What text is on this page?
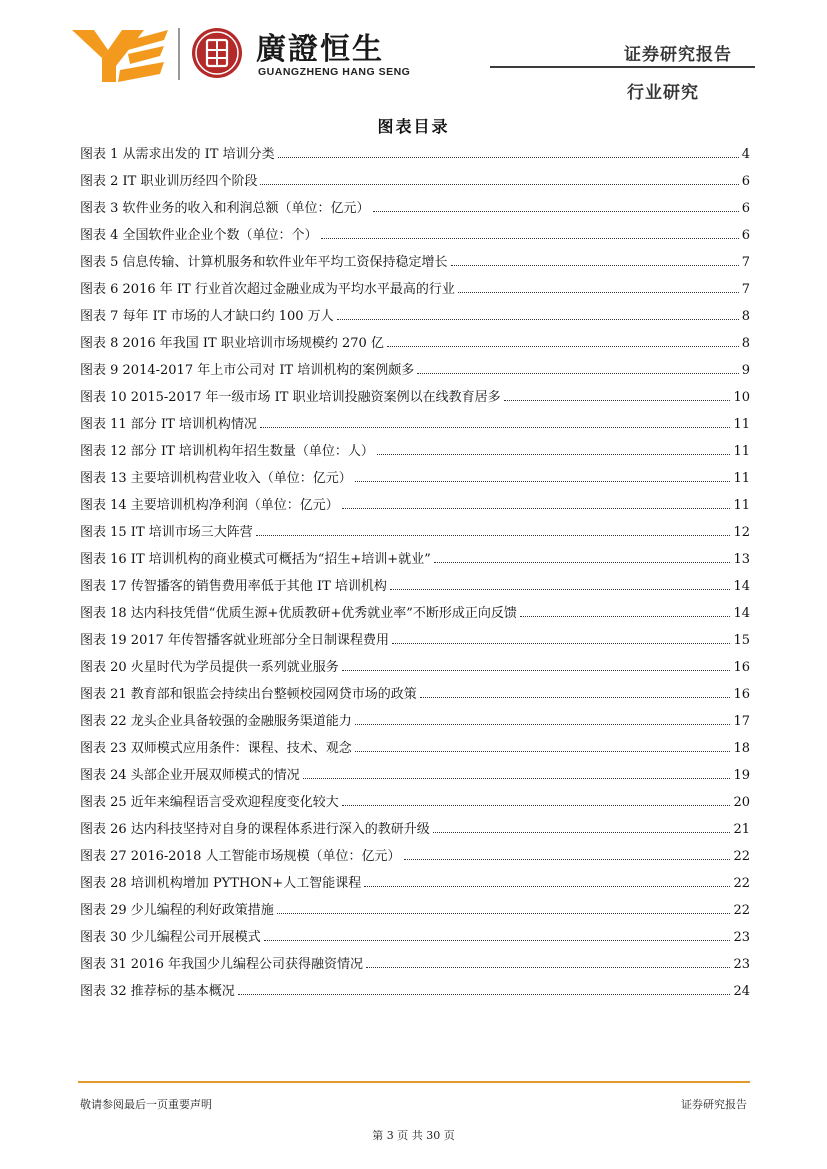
廣證恒生
GUANGZHENG HANG SENG
证券研究报告
行业研究
图表目录
图表 1 从需求出发的 IT 培训分类	4
图表 2 IT 职业训历经四个阶段	6
图表 3 软件业务的收入和利润总额（单位：亿元）	6
图表 4 全国软件业企业个数（单位：个）	6
图表 5 信息传输、计算机服务和软件业年平均工资保持稳定增长	7
图表 6 2016 年 IT 行业首次超过金融业成为平均水平最高的行业	7
图表 7 每年 IT 市场的人才缺口约 100 万人	8
图表 8 2016 年我国 IT 职业培训市场规模约 270 亿	8
图表 9 2014-2017 年上市公司对 IT 培训机构的案例颇多	9
图表 10 2015-2017 年一级市场 IT 职业培训投融资案例以在线教育居多	10
图表 11 部分 IT 培训机构情况	11
图表 12 部分 IT 培训机构年招生数量（单位：人）	11
图表 13 主要培训机构营业收入（单位：亿元）	11
图表 14 主要培训机构净利润（单位：亿元）	11
图表 15 IT 培训市场三大阵营	12
图表 16 IT 培训机构的商业模式可概括为“招生+培训+就业”	13
图表 17 传智播客的销售费用率低于其他 IT 培训机构	14
图表 18 达内科技凭借“优质生源+优质教研+优秀就业率”不断形成正向反馈	14
图表 19 2017 年传智播客就业班部分全日制课程费用	15
图表 20 火星时代为学员提供一系列就业服务	16
图表 21 教育部和银监会持续出台整顿校园网贷市场的政策	16
图表 22 龙头企业具备较强的金融服务渠道能力	17
图表 23 双师模式应用条件：课程、技术、观念	18
图表 24 头部企业开展双师模式的情况	19
图表 25 近年来编程语言受欢迎程度变化较大	20
图表 26 达内科技坚持对自身的课程体系进行深入的教研升级	21
图表 27 2016-2018 人工智能市场规模（单位：亿元）	22
图表 28 培训机构增加 PYTHON+人工智能课程	22
图表 29 少儿编程的利好政策措施	22
图表 30 少儿编程公司开展模式	23
图表 31 2016 年我国少儿编程公司获得融资情况	23
图表 32 推荐标的基本概况	24
敬请参阅最后一页重要声明	证券研究报告
第 3 页 共 30 页
